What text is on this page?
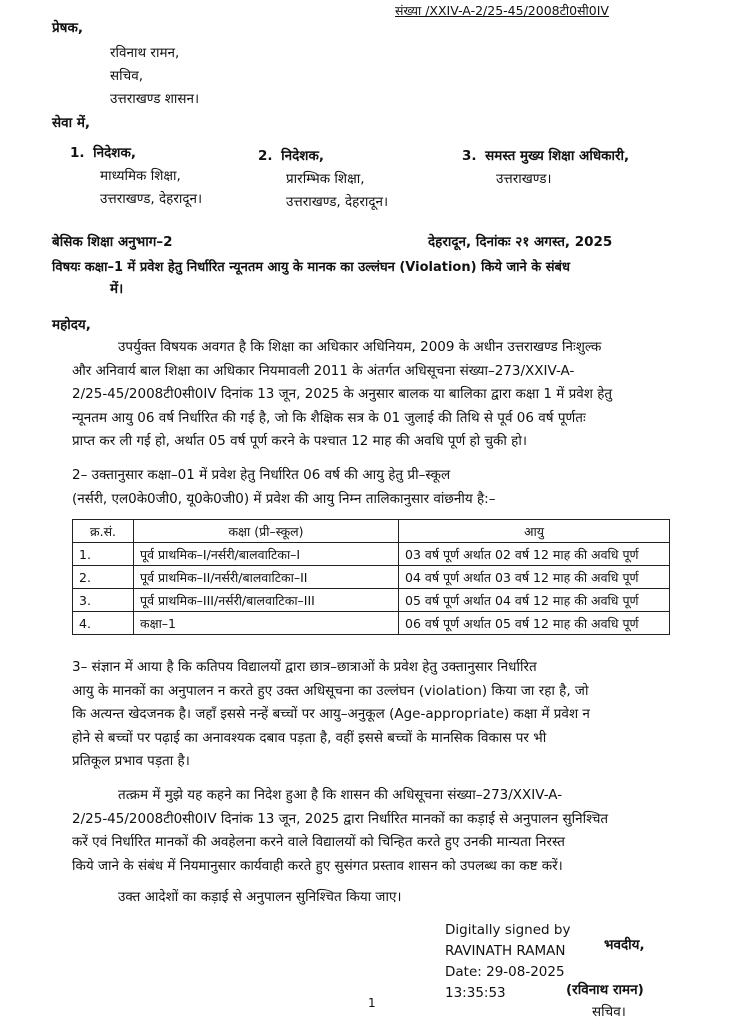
संख्या /XXIV-A-2/25-45/2008टी0सी0IV
प्रेषक,
रविनाथ रामन,
सचिव,
उत्तराखण्ड शासन।
सेवा में,
1. निदेशक,
माध्यमिक शिक्षा,
उत्तराखण्ड, देहरादून।
2. निदेशक,
प्रारम्भिक शिक्षा,
उत्तराखण्ड, देहरादून।
3. समस्त मुख्य शिक्षा अधिकारी,
उत्तराखण्ड।
बेसिक शिक्षा अनुभाग–2	देहरादून, दिनांकः २१ अगस्त, 2025
विषयः कक्षा–1 में प्रवेश हेतु निर्धारित न्यूनतम आयु के मानक का उल्लंघन (Violation) किये जाने के संबंध
में।
महोदय,
उपर्युक्त विषयक अवगत है कि शिक्षा का अधिकार अधिनियम, 2009 के अधीन उत्तराखण्ड निःशुल्क
और अनिवार्य बाल शिक्षा का अधिकार नियमावली 2011 के अंतर्गत अधिसूचना संख्या–273/XXIV-A-
2/25-45/2008टी0सी0IV दिनांक 13 जून, 2025 के अनुसार बालक या बालिका द्वारा कक्षा 1 में प्रवेश हेतु
न्यूनतम आयु 06 वर्ष निर्धारित की गई है, जो कि शैक्षिक सत्र के 01 जुलाई की तिथि से पूर्व 06 वर्ष पूर्णतः
प्राप्त कर ली गई हो, अर्थात 05 वर्ष पूर्ण करने के पश्चात 12 माह की अवधि पूर्ण हो चुकी हो।
2– उक्तानुसार कक्षा–01 में प्रवेश हेतु निर्धारित 06 वर्ष की आयु हेतु प्री–स्कूल
(नर्सरी, एल0के0जी0, यू0के0जी0) में प्रवेश की आयु निम्न तालिकानुसार वांछनीय है:–
क्र.सं.	कक्षा (प्री–स्कूल)	आयु
1.	पूर्व प्राथमिक–I/नर्सरी/बालवाटिका–I	03 वर्ष पूर्ण अर्थात 02 वर्ष 12 माह की अवधि पूर्ण
2.	पूर्व प्राथमिक–II/नर्सरी/बालवाटिका–II	04 वर्ष पूर्ण अर्थात 03 वर्ष 12 माह की अवधि पूर्ण
3.	पूर्व प्राथमिक–III/नर्सरी/बालवाटिका–III	05 वर्ष पूर्ण अर्थात 04 वर्ष 12 माह की अवधि पूर्ण
4.	कक्षा–1	06 वर्ष पूर्ण अर्थात 05 वर्ष 12 माह की अवधि पूर्ण
3– संज्ञान में आया है कि कतिपय विद्यालयों द्वारा छात्र–छात्राओं के प्रवेश हेतु उक्तानुसार निर्धारित
आयु के मानकों का अनुपालन न करते हुए उक्त अधिसूचना का उल्लंघन (violation) किया जा रहा है, जो
कि अत्यन्त खेदजनक है। जहाँ इससे नन्हें बच्चों पर आयु–अनुकूल (Age-appropriate) कक्षा में प्रवेश न
होने से बच्चों पर पढ़ाई का अनावश्यक दबाव पड़ता है, वहीं इससे बच्चों के मानसिक विकास पर भी
प्रतिकूल प्रभाव पड़ता है।
तत्क्रम में मुझे यह कहने का निदेश हुआ है कि शासन की अधिसूचना संख्या–273/XXIV-A-
2/25-45/2008टी0सी0IV दिनांक 13 जून, 2025 द्वारा निर्धारित मानकों का कड़ाई से अनुपालन सुनिश्चित
करें एवं निर्धारित मानकों की अवहेलना करने वाले विद्यालयों को चिन्हित करते हुए उनकी मान्यता निरस्त
किये जाने के संबंध में नियमानुसार कार्यवाही करते हुए सुसंगत प्रस्ताव शासन को उपलब्ध का कष्ट करें।
उक्त आदेशों का कड़ाई से अनुपालन सुनिश्चित किया जाए।
Digitally signed by
RAVINATH RAMAN
Date: 29-08-2025
13:35:53
भवदीय,
(रविनाथ रामन)
सचिव।
1
